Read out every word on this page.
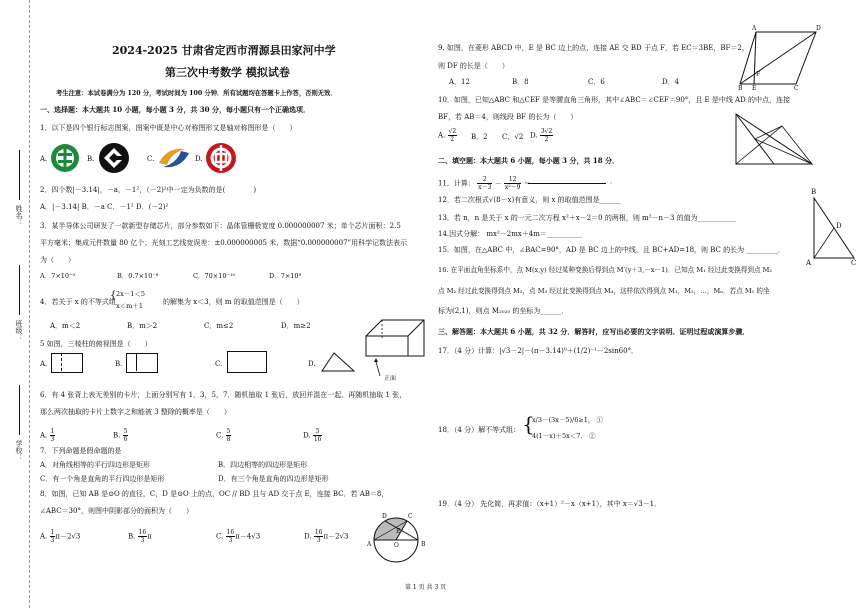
姓名：
班级：
学校：
2024-2025 甘肃省定西市渭源县田家河中学
第三次中考数学 模拟试卷
考生注意：本试卷满分为 120 分，考试时间为 100 分钟．所有试题均在答题卡上作答，否则无效．
一、选择题：本大题共 10 小题，每小题 3 分，共 30 分，每小题只有一个正确选项．
1．以下是四个银行标志图案，图案中既是中心对称图形又是轴对称图形是（　　）
A.	B.	C.	D.
2．四个数|－3.14|，－a，－1²，（－2)²中一定为负数的是(　　　　)
A．|－3.14| B．－a C．－1² D．(－2)²
3．某半导体公司研发了一款新型存储芯片，部分参数如下：晶体管栅极宽度 0.000000007 米；单个芯片面积：2.5
平方毫米；集成元件数量 80 亿个；光刻工艺线宽误差：±0.000000005 米．数据“0.000000007”用科学记数法表示
为（　　）
A．7×10⁻⁹	B．0.7×10⁻⁸	C．70×10⁻¹⁰	D．7×10⁹
4．若关于 x 的不等式组
{ 2x－1＜5
x＜m＋1	的解集为 x＜3，则 m 的取值范围是（　　）
A．m＜2	B．m＞2	C．m≤2	D．m≥2
5 如图，三棱柱的俯视图是（　　）
A.	B.	C.	D.
正面
6．有 4 张背上表无差别的卡片，上面分别写有 1，3，5，7．随机抽取 1 张后，放回并混在一起，再随机抽取 1 张，
那么两次抽取的卡片上数字之和能被 3 整除的概率是（　　）
A. $\frac{1}{3}$	B. $\frac{5}{6}$	C. $\frac{5}{8}$	D. $\frac{5}{16}$
7．下列命题是假命题的是
A．对角线相等的平行四边形是矩形	B．四边相等的四边形是矩形
C．有一个角是直角的平行四边形是矩形	D．有三个角是直角的四边形是矩形
8．如图，已知 AB 是⊙O 的直径，C，D 是⊙O 上的点，OC // BD 且与 AD 交于点 E，连接 BC．若 AB＝8，
∠ABC＝30°，则图中阴影部分的面积为（　　）
A. $\frac{1}{3} \pi-2√3$	B. $\frac{16}{3}$ π	C. $\frac{16}{3} \pi-4√3$	D. $\frac{16}{3} \pi-2√3$
D	C
E
A	O	B
9. 如图，在菱形 ABCD 中，E 是 BC 边上的点，连接 AE 交 BD 于点 F，若 EC＝3BE，BF＝2，
则 DF 的长是（　　）
A．12	B．8	C．6	D．4
A	D
F
B E	C
10．如图，已知△ABC 和△CEF 是等腰直角三角形，其中∠ABC＝∠CEF＝90°，且 E 是中线 AD 的中点，连接
BF，若 AB＝4，则线段 BF 的长为（　　）
A. $\frac{√2}{2}$ B．2 C．√2 D. $\frac{3√2}{2}$
二、填空题：本大题共 6 小题，每小题 3 分，共 18 分．
11．计算： $\frac{2}{x-3} - \frac{12}{\text{x²－9}}$ ＝	．
12．若二次根式√(8－x)有意义，则 x 的取值范围是______
13．若 n，n 是关于 x 的一元二次方程 x²＋x－2＝0 的两根，则 m²－n－3 的值为___________
14.因式分解： mx²－2mx＋4m＝__________
15．如图，在△ABC 中，∠BAC=90°，AD 是 BC 边上的中线，且 BC+AD=18，则 BC 的长为 _________．
B
D
A	C
16. 在平面直角坐标系中，点 M(x,y) 经过某种变换后得到点 M′(y＋3,－x－1)．已知点 M₁ 经过此变换得到点 M₂
点 M₂ 经过此变换得到点 M₃，点 M₃ 经过此变换得到点 M₄，这样依次得到点 M₁，M₂，…，Mₙ．若点 M₁ 的坐
标为(2,1)，则点 M₂₀₂₅ 的坐标为______．
三、解答题：本大题共 6 小题，共 32 分．解答时，应写出必要的文字说明、证明过程或演算步骤．
17．（4 分）计算：|√3－2|－(π－3.14)⁰＋(1/2)⁻¹－2sin60°．
18．（4 分）解不等式组： {
x/3－(3x－5)/6≥1， ①
4(1－x)＋5x＜7． ②
19．（4 分） 先化简，再求值：（x+1）²－x（x+1），其中 x＝√3－1．
第 1 页 共 3 页
